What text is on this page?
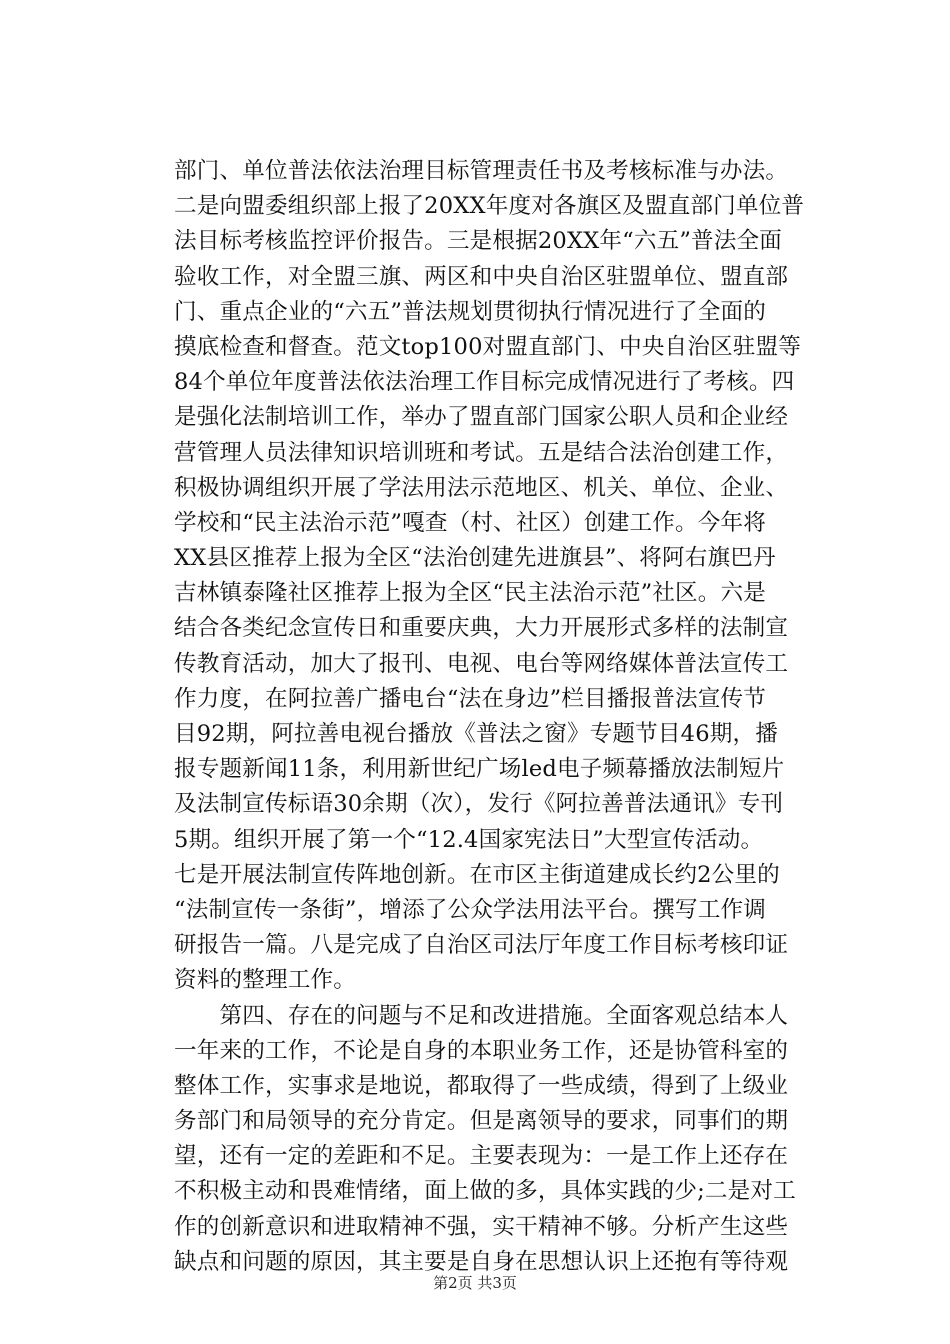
部门、单位普法依法治理目标管理责任书及考核标准与办法。
二是向盟委组织部上报了20XX年度对各旗区及盟直部门单位普
法目标考核监控评价报告。三是根据20XX年“六五”普法全面
验收工作，对全盟三旗、两区和中央自治区驻盟单位、盟直部
门、重点企业的“六五”普法规划贯彻执行情况进行了全面的
摸底检查和督查。范文top100对盟直部门、中央自治区驻盟等
84个单位年度普法依法治理工作目标完成情况进行了考核。四
是强化法制培训工作，举办了盟直部门国家公职人员和企业经
营管理人员法律知识培训班和考试。五是结合法治创建工作，
积极协调组织开展了学法用法示范地区、机关、单位、企业、
学校和“民主法治示范”嘎查（村、社区）创建工作。今年将
XX县区推荐上报为全区“法治创建先进旗县”、将阿右旗巴丹
吉林镇泰隆社区推荐上报为全区“民主法治示范”社区。六是
结合各类纪念宣传日和重要庆典，大力开展形式多样的法制宣
传教育活动，加大了报刊、电视、电台等网络媒体普法宣传工
作力度，在阿拉善广播电台“法在身边”栏目播报普法宣传节
目92期，阿拉善电视台播放《普法之窗》专题节目46期，播
报专题新闻11条，利用新世纪广场led电子频幕播放法制短片
及法制宣传标语30余期（次），发行《阿拉善普法通讯》专刊
5期。组织开展了第一个“12.4国家宪法日”大型宣传活动。
七是开展法制宣传阵地创新。在市区主街道建成长约2公里的
“法制宣传一条街”，增添了公众学法用法平台。撰写工作调
研报告一篇。八是完成了自治区司法厅年度工作目标考核印证
资料的整理工作。
　　第四、存在的问题与不足和改进措施。全面客观总结本人
一年来的工作，不论是自身的本职业务工作，还是协管科室的
整体工作，实事求是地说，都取得了一些成绩，得到了上级业
务部门和局领导的充分肯定。但是离领导的要求，同事们的期
望，还有一定的差距和不足。主要表现为：一是工作上还存在
不积极主动和畏难情绪，面上做的多，具体实践的少;二是对工
作的创新意识和进取精神不强，实干精神不够。分析产生这些
缺点和问题的原因，其主要是自身在思想认识上还抱有等待观
第2页 共3页
